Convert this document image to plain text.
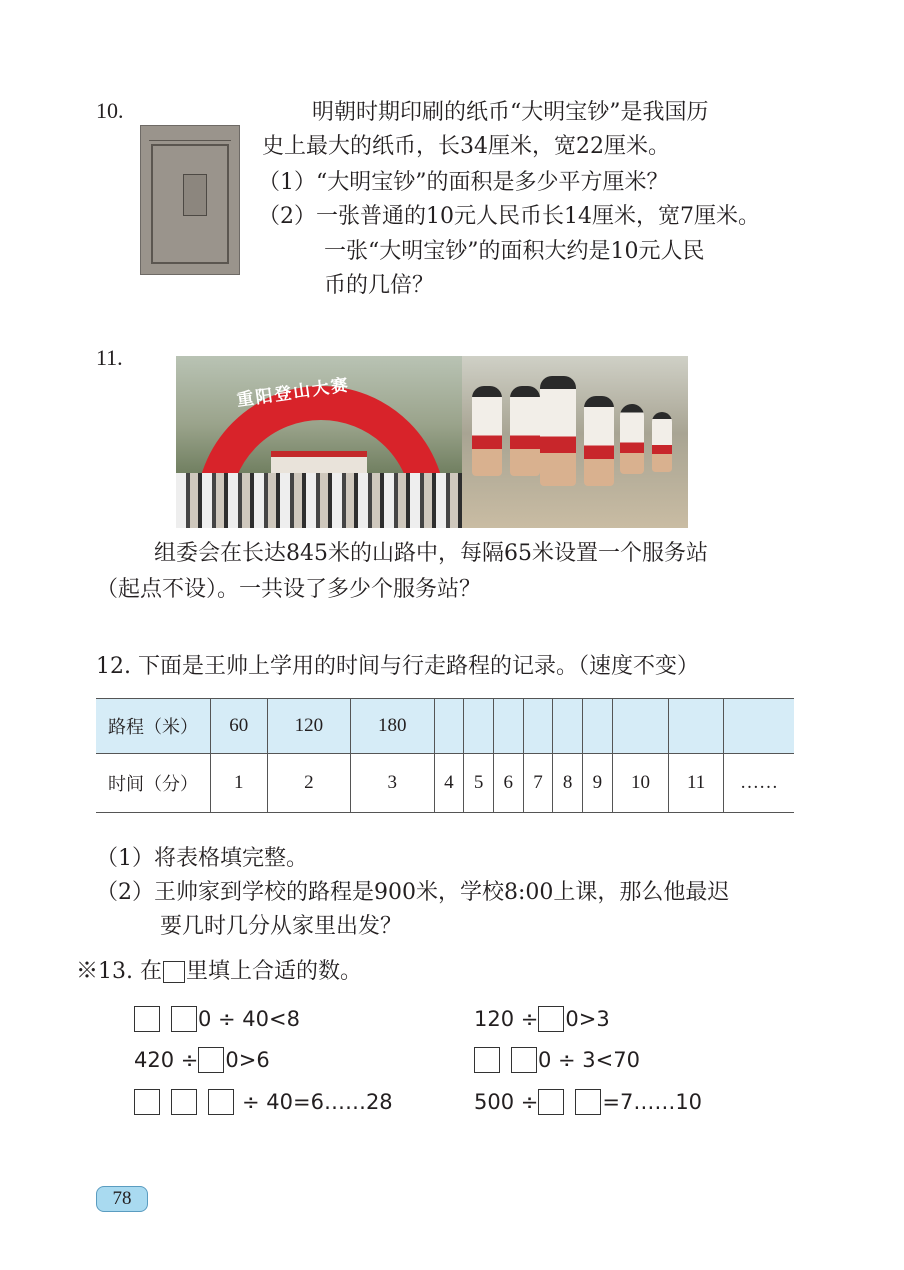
10.	明朝时期印刷的纸币“大明宝钞”是我国历
史上最大的纸币，长34厘米，宽22厘米。
（1）“大明宝钞”的面积是多少平方厘米？
（2）一张普通的10元人民币长14厘米，宽7厘米。
一张“大明宝钞”的面积大约是10元人民
币的几倍？
11.
重阳登山大赛
组委会在长达845米的山路中，每隔65米设置一个服务站
（起点不设）。一共设了多少个服务站？
12. 下面是王帅上学用的时间与行走路程的记录。（速度不变）
路程（米）	60	120	180									
时间（分）	1	2	3	4	5	6	7	8	9	10	11	……
（1）将表格填完整。
（2）王帅家到学校的路程是900米，学校8:00上课，那么他最迟
要几时几分从家里出发？
※13. 在 里填上合适的数。
0 ÷ 40<8	120 ÷ 0>3
420 ÷ 0>6	0 ÷ 3<70
÷ 40=6……28	500 ÷	=7……10
78
